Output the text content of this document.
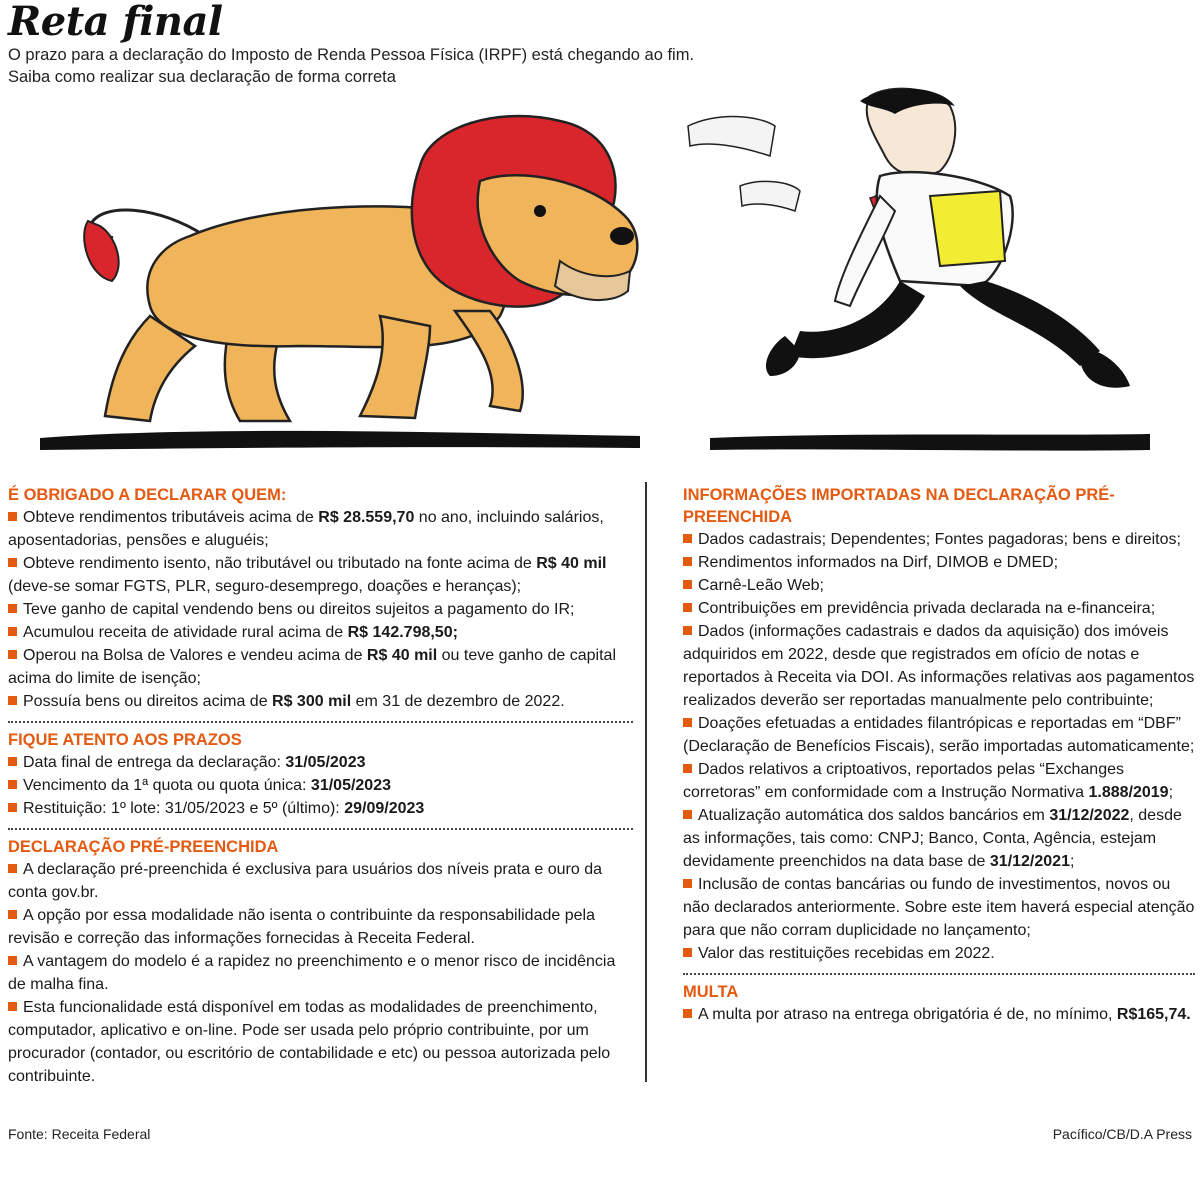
Reta final
O prazo para a declaração do Imposto de Renda Pessoa Física (IRPF) está chegando ao fim.
Saiba como realizar sua declaração de forma correta
É OBRIGADO A DECLARAR QUEM:
Obteve rendimentos tributáveis acima de R$ 28.559,70 no ano, incluindo salários, aposentadorias, pensões e aluguéis;
Obteve rendimento isento, não tributável ou tributado na fonte acima de R$ 40 mil (deve-se somar FGTS, PLR, seguro-desemprego, doações e heranças);
Teve ganho de capital vendendo bens ou direitos sujeitos a pagamento do IR;
Acumulou receita de atividade rural acima de R$ 142.798,50;
Operou na Bolsa de Valores e vendeu acima de R$ 40 mil ou teve ganho de capital acima do limite de isenção;
Possuía bens ou direitos acima de R$ 300 mil em 31 de dezembro de 2022.
FIQUE ATENTO AOS PRAZOS
Data final de entrega da declaração: 31/05/2023
Vencimento da 1ª quota ou quota única: 31/05/2023
Restituição: 1º lote: 31/05/2023 e 5º (último): 29/09/2023
DECLARAÇÃO PRÉ-PREENCHIDA
A declaração pré-preenchida é exclusiva para usuários dos níveis prata e ouro da conta gov.br.
A opção por essa modalidade não isenta o contribuinte da responsabilidade pela revisão e correção das informações fornecidas à Receita Federal.
A vantagem do modelo é a rapidez no preenchimento e o menor risco de incidência de malha fina.
Esta funcionalidade está disponível em todas as modalidades de preenchimento, computador, aplicativo e on-line. Pode ser usada pelo próprio contribuinte, por um procurador (contador, ou escritório de contabilidade e etc) ou pessoa autorizada pelo contribuinte.
INFORMAÇÕES IMPORTADAS NA DECLARAÇÃO PRÉ-PREENCHIDA
Dados cadastrais; Dependentes; Fontes pagadoras; bens e direitos;
Rendimentos informados na Dirf, DIMOB e DMED;
Carnê-Leão Web;
Contribuições em previdência privada declarada na e-financeira;
Dados (informações cadastrais e dados da aquisição) dos imóveis adquiridos em 2022, desde que registrados em ofício de notas e reportados à Receita via DOI. As informações relativas aos pagamentos realizados deverão ser reportadas manualmente pelo contribuinte;
Doações efetuadas a entidades filantrópicas e reportadas em “DBF” (Declaração de Benefícios Fiscais), serão importadas automaticamente;
Dados relativos a criptoativos, reportados pelas “Exchanges corretoras” em conformidade com a Instrução Normativa 1.888/2019;
Atualização automática dos saldos bancários em 31/12/2022, desde as informações, tais como: CNPJ; Banco, Conta, Agência, estejam devidamente preenchidos na data base de 31/12/2021;
Inclusão de contas bancárias ou fundo de investimentos, novos ou não declarados anteriormente. Sobre este item haverá especial atenção para que não corram duplicidade no lançamento;
Valor das restituições recebidas em 2022.
MULTA
A multa por atraso na entrega obrigatória é de, no mínimo, R$165,74.
Fonte: Receita Federal	Pacífico/CB/D.A Press
